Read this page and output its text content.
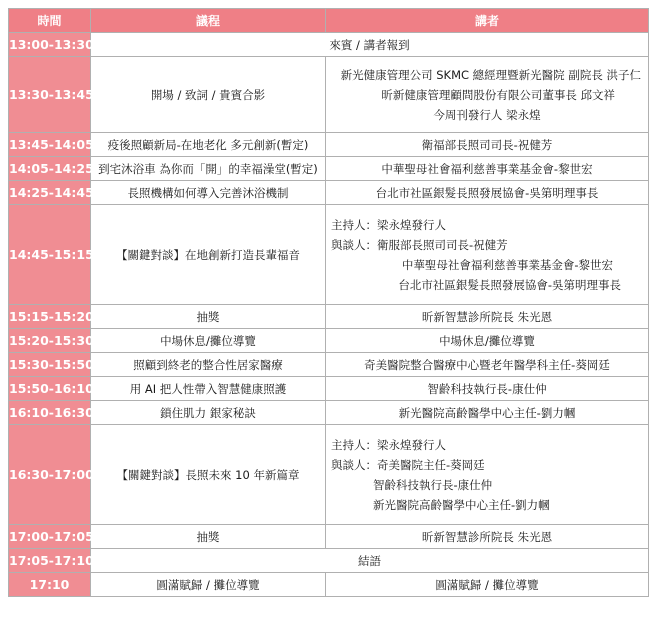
時間	議程	講者
13:00-13:30	來賓 / 講者報到	
13:30-13:45	開場 / 致詞 / 貴賓合影	新光健康管理公司 SKMC 總經理暨新光醫院 副院長 洪子仁
昕新健康管理顧問股份有限公司董事長 邱文祥
今周刊發行人 梁永煌

13:45-14:05	疫後照顧新局-在地老化 多元創新(暫定)	衛福部長照司司長-祝健芳
14:05-14:25	到宅沐浴車 為你而「開」的幸福澡堂(暫定)	中華聖母社會福利慈善事業基金會-黎世宏
14:25-14:45	長照機構如何導入完善沐浴機制	台北市社區銀髮長照發展協會-吳第明理事長
14:45-15:15	【關鍵對談】在地創新打造長輩福音	主持人：梁永煌發行人
與談人：衛服部長照司司長-祝健芳
中華聖母社會福利慈善事業基金會-黎世宏
台北市社區銀髮長照發展協會-吳第明理事長

15:15-15:20	抽獎	昕新智慧診所院長 朱光恩
15:20-15:30	中場休息/攤位導覽	中場休息/攤位導覽
15:30-15:50	照顧到終老的整合性居家醫療	奇美醫院整合醫療中心暨老年醫學科主任-葵岡廷
15:50-16:10	用 AI 把人性帶入智慧健康照護	智齡科技執行長-康仕仲
16:10-16:30	鎖住肌力 銀家秘訣	新光醫院高齡醫學中心主任-劉力幗
16:30-17:00	【關鍵對談】長照未來 10 年新篇章	主持人：梁永煌發行人
與談人：奇美醫院主任-葵岡廷
智齡科技執行長-康仕仲
新光醫院高齡醫學中心主任-劉力幗

17:00-17:05	抽獎	昕新智慧診所院長 朱光恩
17:05-17:10	結語	
17:10	圓滿賦歸 / 攤位導覽	圓滿賦歸 / 攤位導覽
